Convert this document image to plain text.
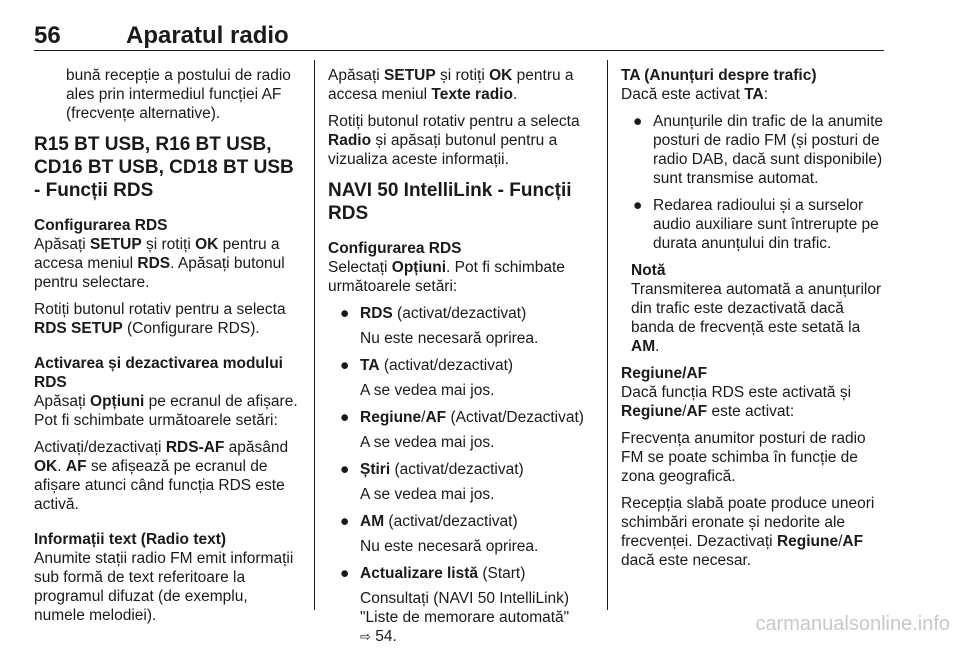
56	Aparatul radio

bună recepție a postului de radio ales prin intermediul funcției AF (frecvențe alternative).

R15 BT USB, R16 BT USB, CD16 BT USB, CD18 BT USB - Funcții RDS
Configurarea RDS

Apăsați SETUP și rotiți OK pentru a accesa meniul RDS. Apăsați butonul pentru selectare.

Rotiți butonul rotativ pentru a selecta RDS SETUP (Configurare RDS).

Activarea și dezactivarea modului RDS

Apăsați Opțiuni pe ecranul de afișare. Pot fi schimbate următoarele setări:

Activați/dezactivați RDS-AF apăsând OK. AF se afișează pe ecranul de afișare atunci când funcția RDS este activă.

Informații text (Radio text)

Anumite stații radio FM emit informații sub formă de text referitoare la programul difuzat (de exemplu, numele melodiei).

Apăsați SETUP și rotiți OK pentru a accesa meniul Texte radio.

Rotiți butonul rotativ pentru a selecta Radio și apăsați butonul pentru a vizualiza aceste informații.

NAVI 50 IntelliLink - Funcții RDS
Configurarea RDS

Selectați Opțiuni. Pot fi schimbate următoarele setări:

● RDS (activat/dezactivat)

Nu este necesară oprirea.

● TA (activat/dezactivat)

A se vedea mai jos.

● Regiune/AF (Activat/Dezactivat)

A se vedea mai jos.

● Știri (activat/dezactivat)

A se vedea mai jos.

● AM (activat/dezactivat)

Nu este necesară oprirea.

● Actualizare listă (Start)

Consultați (NAVI 50 IntelliLink) "Liste de memorare automată"

⇨ 54.

TA (Anunțuri despre trafic)

Dacă este activat TA:

● Anunțurile din trafic de la anumite posturi de radio FM (și posturi de radio DAB, dacă sunt disponibile) sunt transmise automat.
● Redarea radioului și a surselor audio auxiliare sunt întrerupte pe durata anunțului din trafic.
Notă

Transmiterea automată a anunțurilor din trafic este dezactivată dacă banda de frecvență este setată la AM.

Regiune/AF

Dacă funcția RDS este activată și Regiune/AF este activat:

Frecvența anumitor posturi de radio FM se poate schimba în funcție de zona geografică.

Recepția slabă poate produce uneori schimbări eronate și nedorite ale frecvenței. Dezactivați Regiune/AF dacă este necesar.

carmanualsonline.info
